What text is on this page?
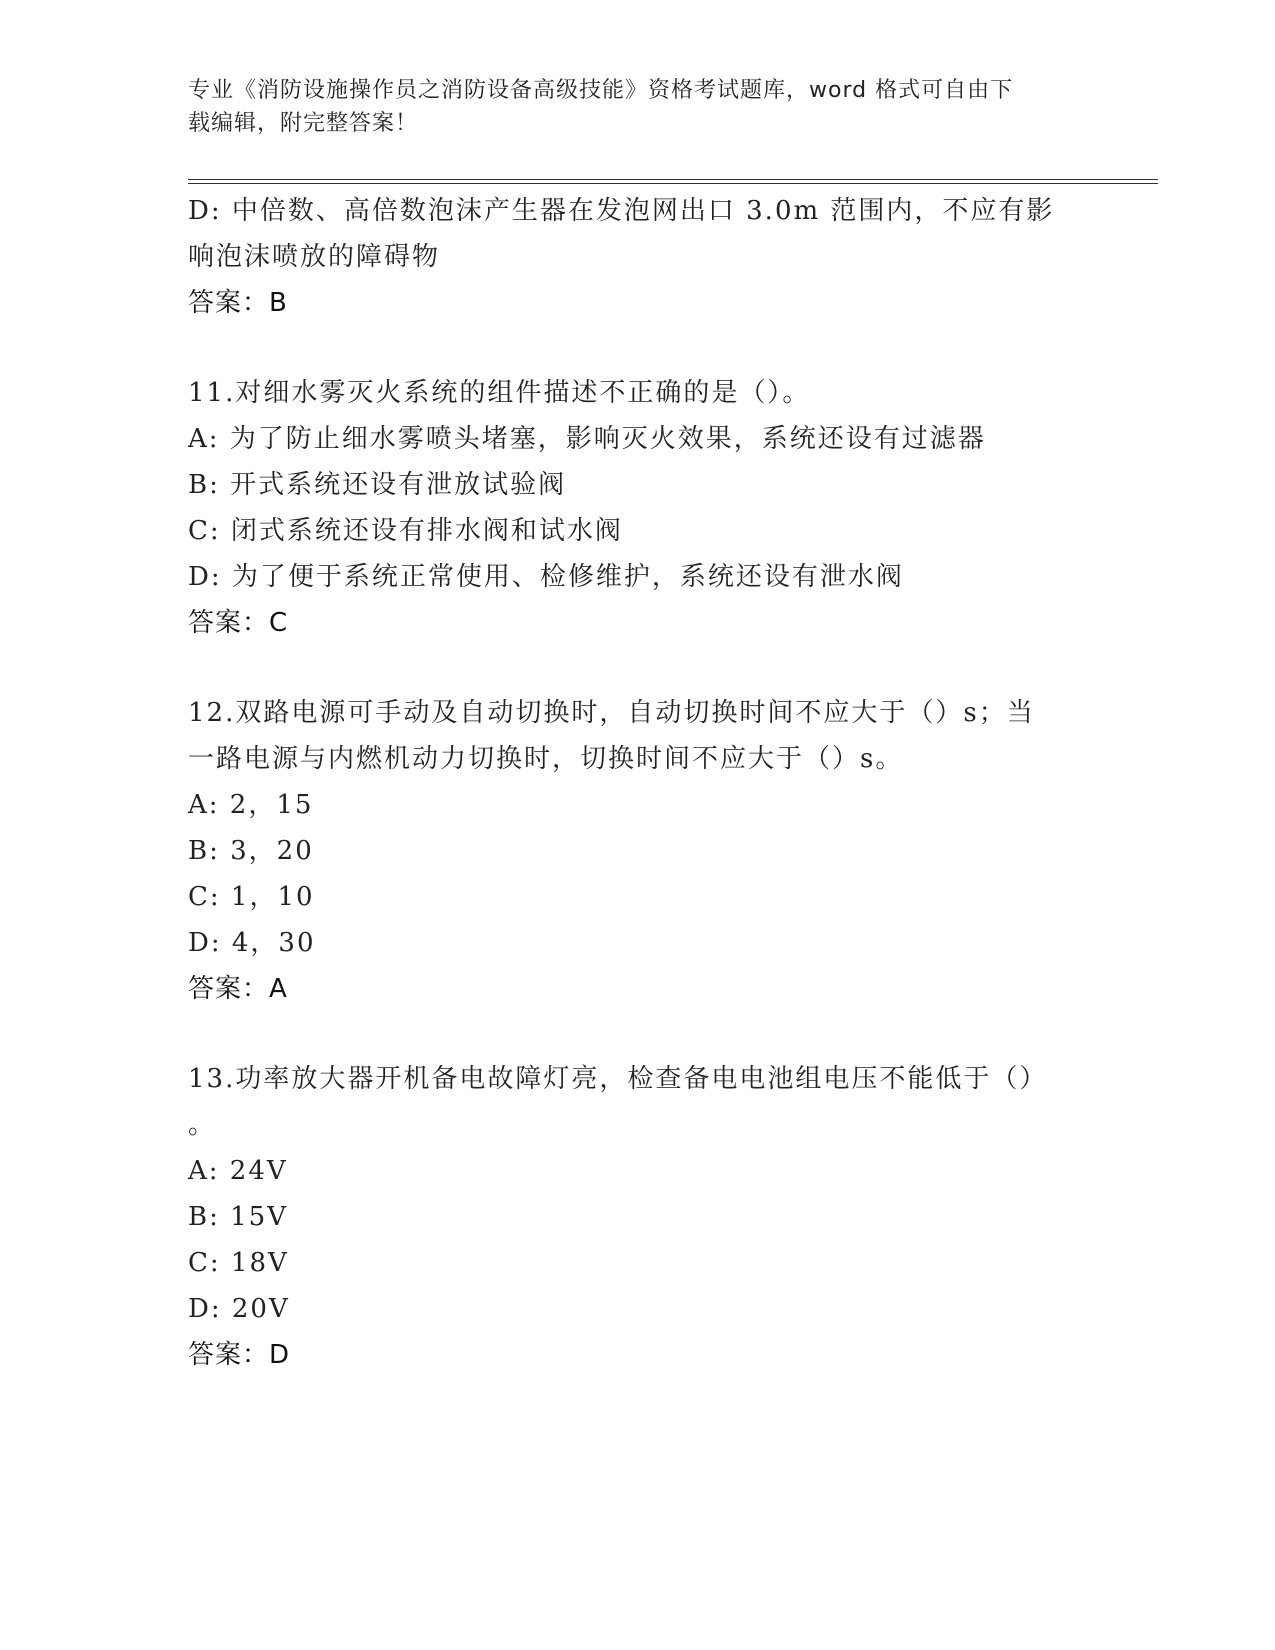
专业《消防设施操作员之消防设备高级技能》资格考试题库，word 格式可自由下
载编辑，附完整答案！
D: 中倍数、高倍数泡沫产生器在发泡网出口 3.0m 范围内，不应有影
响泡沫喷放的障碍物
答案：B
11.对细水雾灭火系统的组件描述不正确的是（）。
A: 为了防止细水雾喷头堵塞，影响灭火效果，系统还设有过滤器
B: 开式系统还设有泄放试验阀
C: 闭式系统还设有排水阀和试水阀
D: 为了便于系统正常使用、检修维护，系统还设有泄水阀
答案：C
12.双路电源可手动及自动切换时，自动切换时间不应大于（）s；当
一路电源与内燃机动力切换时，切换时间不应大于（）s。
A: 2，15
B: 3，20
C: 1，10
D: 4，30
答案：A
13.功率放大器开机备电故障灯亮，检查备电电池组电压不能低于（）
。
A: 24V
B: 15V
C: 18V
D: 20V
答案：D
